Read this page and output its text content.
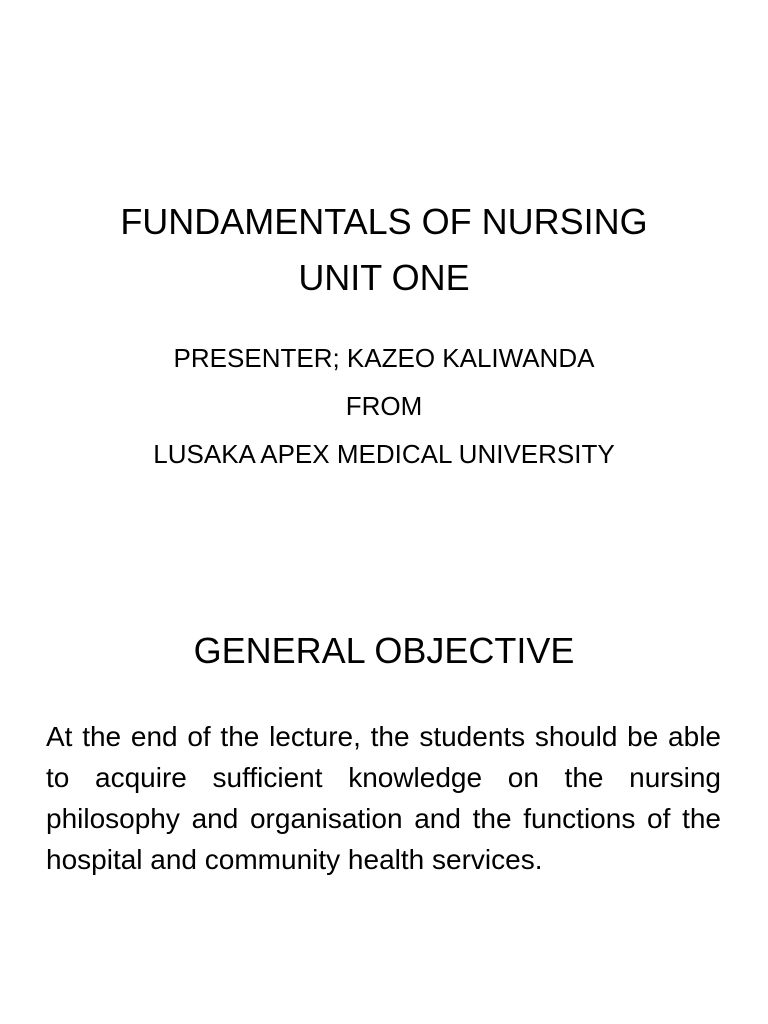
FUNDAMENTALS OF NURSING
UNIT ONE
PRESENTER; KAZEO KALIWANDA
FROM
LUSAKA APEX MEDICAL UNIVERSITY
GENERAL OBJECTIVE
At the end of the lecture, the students should be able to acquire sufficient knowledge on the nursing philosophy and organisation and the functions of the hospital and community health services.
